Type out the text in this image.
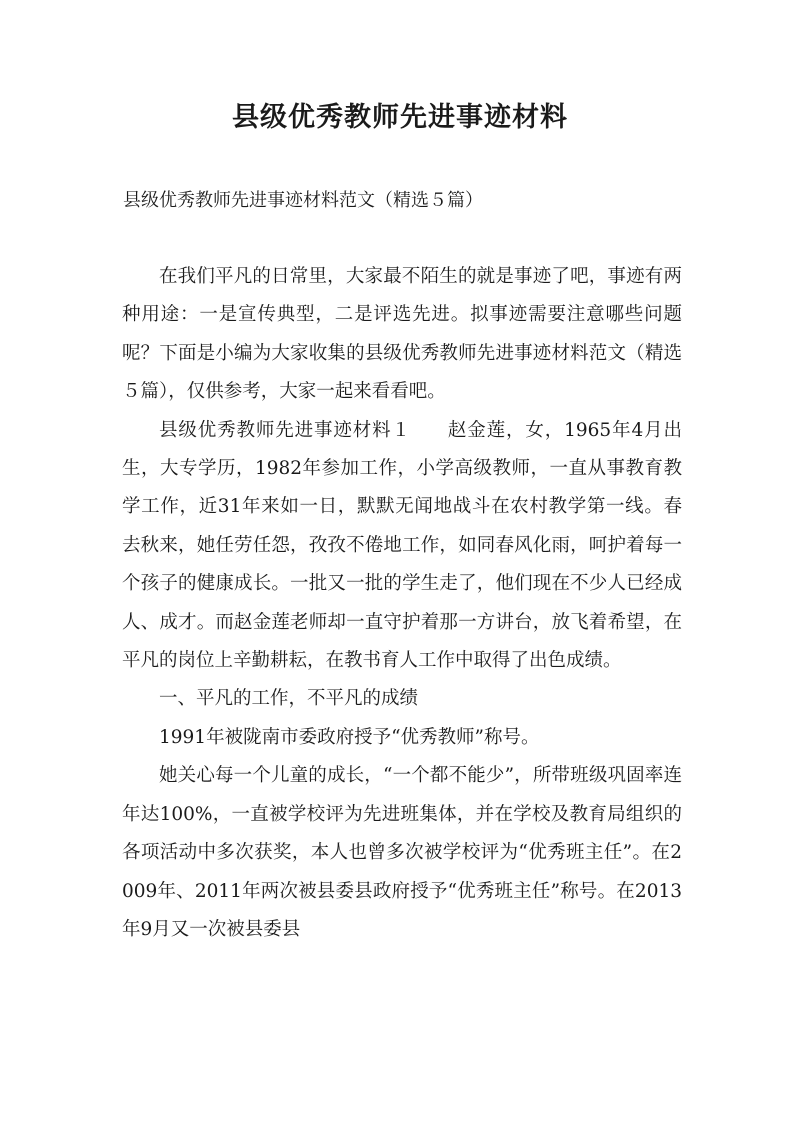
县级优秀教师先进事迹材料

县级优秀教师先进事迹材料范文（精选５篇）

在我们平凡的日常里，大家最不陌生的就是事迹了吧，事迹有两种用途：一是宣传典型，二是评选先进。拟事迹需要注意哪些问题呢？下面是小编为大家收集的县级优秀教师先进事迹材料范文（精选５篇），仅供参考，大家一起来看看吧。

县级优秀教师先进事迹材料１ 赵金莲，女，1965年4月出生，大专学历，1982年参加工作，小学高级教师，一直从事教育教学工作，近31年来如一日，默默无闻地战斗在农村教学第一线。春去秋来，她任劳任怨，孜孜不倦地工作，如同春风化雨，呵护着每一个孩子的健康成长。一批又一批的学生走了，他们现在不少人已经成人、成才。而赵金莲老师却一直守护着那一方讲台，放飞着希望，在平凡的岗位上辛勤耕耘，在教书育人工作中取得了出色成绩。

一、平凡的工作，不平凡的成绩

1991年被陇南市委政府授予“优秀教师”称号。

她关心每一个儿童的成长，“一个都不能少”，所带班级巩固率连年达100%，一直被学校评为先进班集体，并在学校及教育局组织的各项活动中多次获奖，本人也曾多次被学校评为“优秀班主任”。在2009年、2011年两次被县委县政府授予“优秀班主任”称号。在2013年9月又一次被县委县
